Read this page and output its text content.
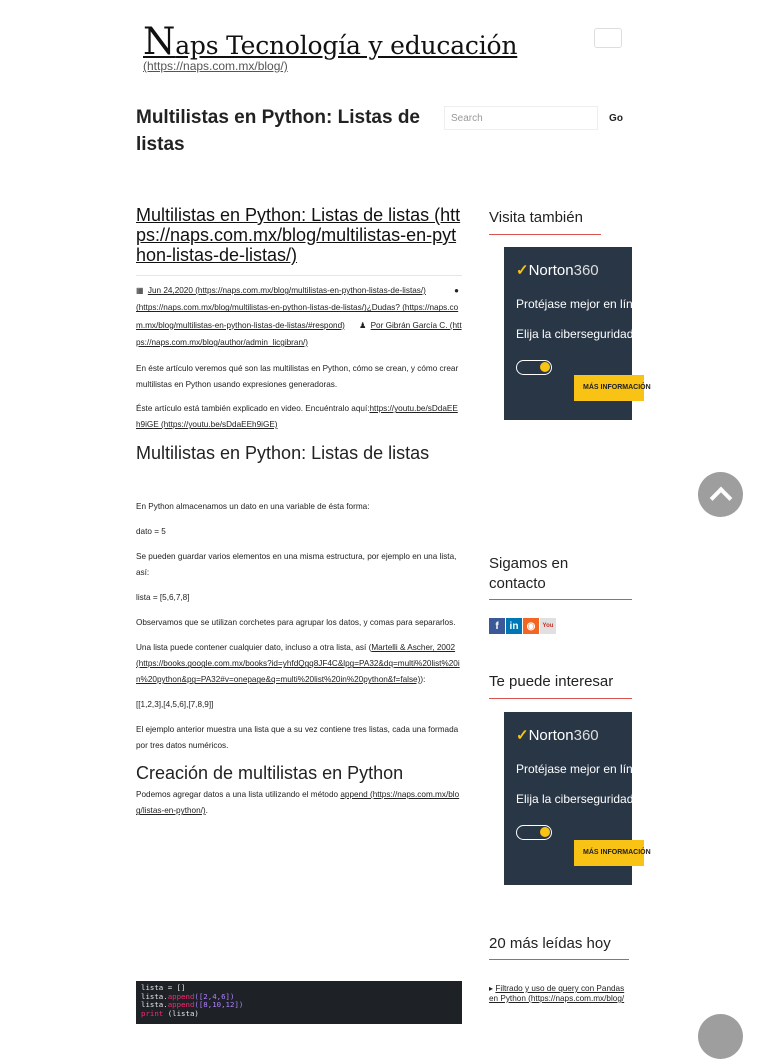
Naps Tecnología y educación
(https://naps.com.mx/blog/)
Multilistas en Python: Listas de listas
Search
Go
Multilistas en Python: Listas de listas (https://naps.com.mx/blog/multilistas-en-python-listas-de-listas/)
▦ Jun 24,2020 (https://naps.com.mx/blog/multilistas-en-python-listas-de-listas/)	● (https://naps.com.mx/blog/multilistas-en-python-listas-de-listas/)¿Dudas? (https://naps.com.mx/blog/multilistas-en-python-listas-de-listas/#respond) ♟ Por Gibrán García C. (https://naps.com.mx/blog/author/admin_licgibran/)

En éste artículo veremos qué son las multilistas en Python, cómo se crean, y cómo crear multilistas en Python usando expresiones generadoras.

Éste artículo está también explicado en video. Encuéntralo aquí:https://youtu.be/sDdaEEh9iGE (https://youtu.be/sDdaEEh9iGE)

Multilistas en Python: Listas de listas

En Python almacenamos un dato en una variable de ésta forma:

dato = 5

Se pueden guardar varios elementos en una misma estructura, por ejemplo en una lista, así:

lista = [5,6,7,8]

Observamos que se utilizan corchetes para agrupar los datos, y comas para separarlos.

Una lista puede contener cualquier dato, incluso a otra lista, así (Martelli & Ascher, 2002 (https://books.google.com.mx/books?id=yhfdQgq8JF4C&lpg=PA32&dq=multi%20list%20in%20python&pg=PA32#v=onepage&q=multi%20list%20in%20python&f=false)):

[[1,2,3],[4,5,6],[7,8,9]]

El ejemplo anterior muestra una lista que a su vez contiene tres listas, cada una formada por tres datos numéricos.

Creación de multilistas en Python

Podemos agregar datos a una lista utilizando el método append (https://naps.com.mx/blog/listas-en-python/).

lista = []
lista.append([2,4,6])
lista.append([8,10,12])
print (lista)
Visita también
✓Norton360
Protéjase mejor en línea
Elija la ciberseguridad
MÁS INFORMACIÓN
Sigamos en contacto
f	in ◉	You
Te puede interesar
✓Norton360
Protéjase mejor en línea
Elija la ciberseguridad
MÁS INFORMACIÓN
20 más leídas hoy
▸ Filtrado y uso de query con Pandas en Python (https://naps.com.mx/blog/
